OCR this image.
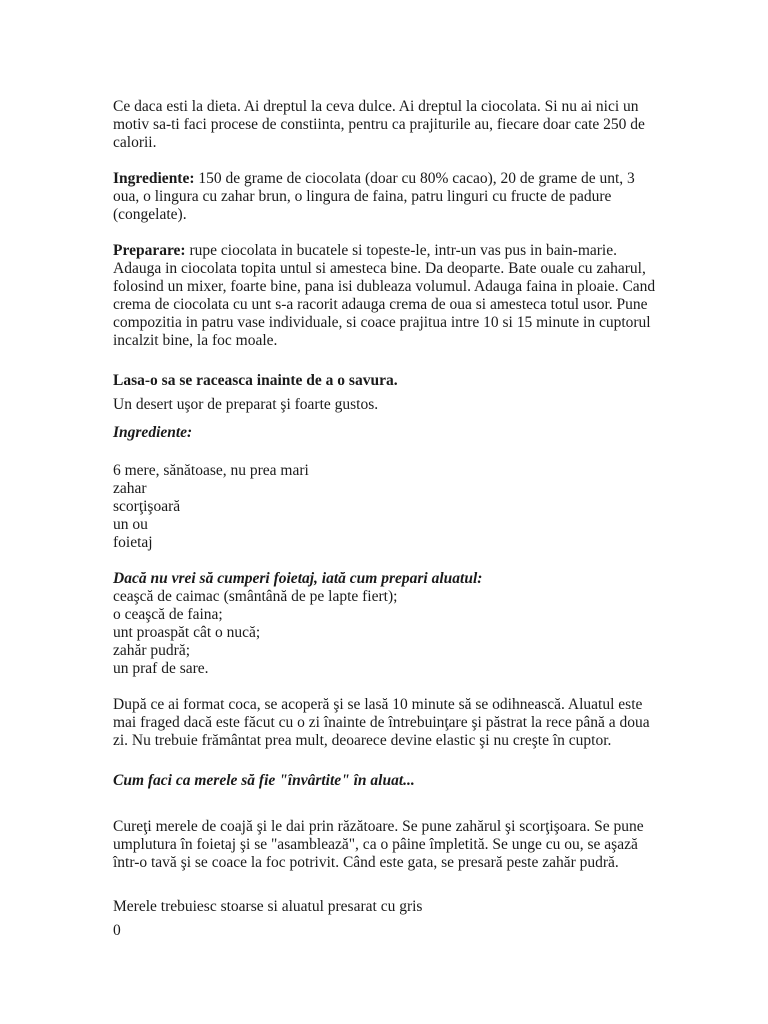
Ce daca esti la dieta. Ai dreptul la ceva dulce. Ai dreptul la ciocolata. Si nu ai nici un motiv sa-ti faci procese de constiinta, pentru ca prajiturile au, fiecare doar cate 250 de calorii.

Ingrediente: 150 de grame de ciocolata (doar cu 80% cacao), 20 de grame de unt, 3 oua, o lingura cu zahar brun, o lingura de faina, patru linguri cu fructe de padure (congelate).

Preparare: rupe ciocolata in bucatele si topeste-le, intr-un vas pus in bain-marie. Adauga in ciocolata topita untul si amesteca bine. Da deoparte. Bate ouale cu zaharul, folosind un mixer, foarte bine, pana isi dubleaza volumul. Adauga faina in ploaie. Cand crema de ciocolata cu unt s-a racorit adauga crema de oua si amesteca totul usor. Pune compozitia in patru vase individuale, si coace prajitua intre 10 si 15 minute in cuptorul incalzit bine, la foc moale.

Lasa-o sa se raceasca inainte de a o savura.

Un desert uşor de preparat şi foarte gustos.

Ingrediente:

6 mere, sănătoase, nu prea mari
zahar
scorţişoară
un ou
foietaj

Dacă nu vrei să cumperi foietaj, iată cum prepari aluatul:

ceaşcă de caimac (smântână de pe lapte fiert);
o ceaşcă de faina;
unt proaspăt cât o nucă;
zahăr pudră;
un praf de sare.

După ce ai format coca, se acoperă şi se lasă 10 minute să se odihnească. Aluatul este mai fraged dacă este făcut cu o zi înainte de întrebuinţare şi păstrat la rece până a doua zi. Nu trebuie frământat prea mult, deoarece devine elastic şi nu creşte în cuptor.

Cum faci ca merele să fie "învârtite" în aluat...

Cureţi merele de coajă şi le dai prin răzătoare. Se pune zahărul şi scorţişoara. Se pune umplutura în foietaj şi se "asamblează", ca o pâine împletită. Se unge cu ou, se aşază într-o tavă şi se coace la foc potrivit. Când este gata, se presară peste zahăr pudră.

Merele trebuiesc stoarse si aluatul presarat cu gris

0
